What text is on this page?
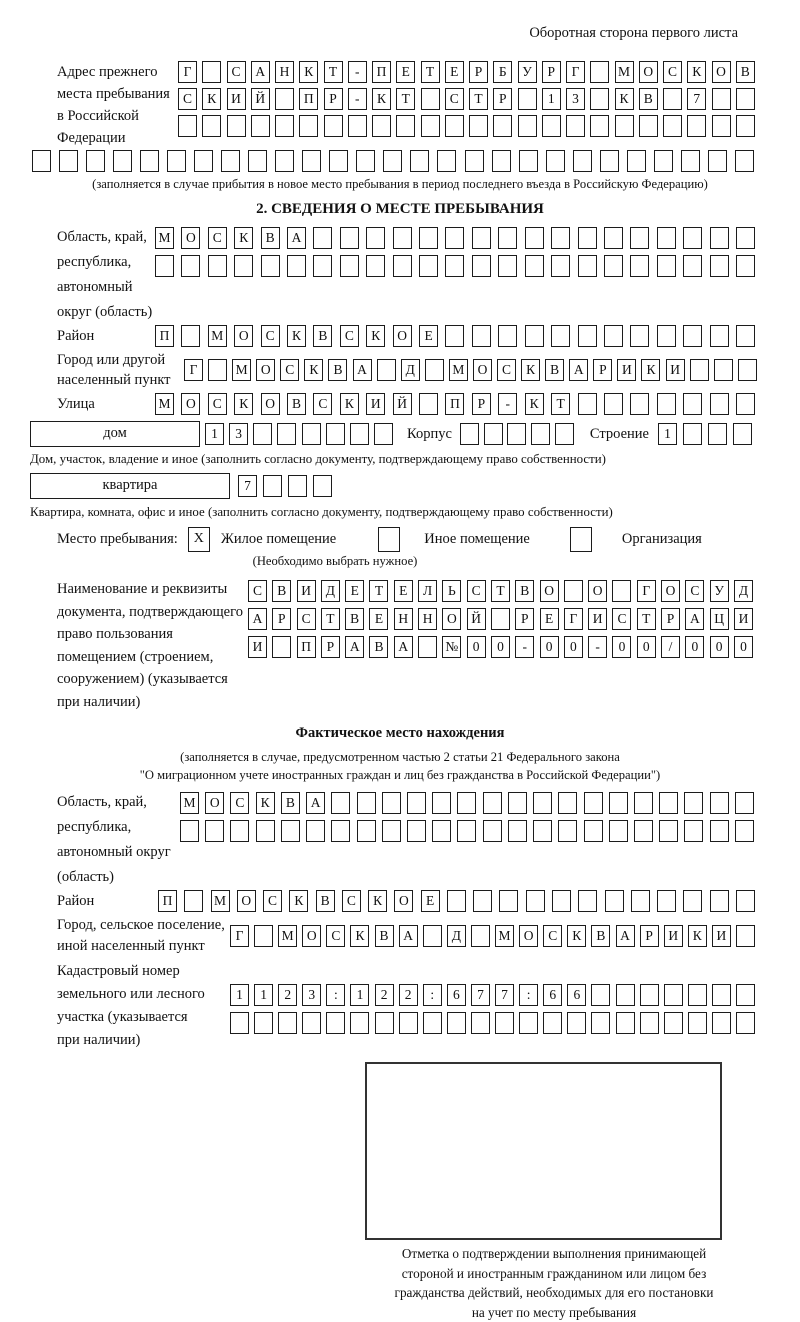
Оборотная сторона первого листа
Адрес прежнего
места пребывания
в Российской
Федерации
Г	С	А	Н	К	Т	-	П	Е	Т	Е	Р	Б	У	Р	Г	М О	С	К	О	В
С	К	И	Й	П	Р	-	К	Т	С	Т	Р	1	3	К	В	7
(заполняется в случае прибытия в новое место пребывания в период последнего въезда в Российскую Федерацию)
2. СВЕДЕНИЯ О МЕСТЕ ПРЕБЫВАНИЯ
Область, край,
республика,
автономный
округ (область)
М	О	С	К	В	А
Район	П	М	О	С	К	В	С	К	О	Е
Город или другой
населенный пункт
Г	М О	С	К	В	А	Д	М О	С	К	В	А	Р	И	К	И
Улица	М	О	С	К	О	В	С	К	И	Й	П	Р	-	К	Т
дом	1	3	Корпус	Строение	1
Дом, участок, владение и иное (заполнить согласно документу, подтверждающему право собственности)
квартира	7
Квартира, комната, офис и иное (заполнить согласно документу, подтверждающему право собственности)
Место пребывания:	X	Жилое помещение	Иное помещение	Организация
(Необходимо выбрать нужное)
Наименование и реквизиты
документа, подтверждающего
право пользования
помещением (строением,
сооружением) (указывается
при наличии)
С	В	И	Д	Е	Т	Е	Л	Ь	С	Т	В	О	О	Г	О	С	У	Д
А	Р	С	Т	В	Е	Н	Н	О	Й	Р	Е	Г	И	С	Т	Р	А	Ц	И
И	П	Р	А	В	А	№	0	0	-	0	0	-	0	0	/	0	0	0
Фактическое место нахождения
(заполняется в случае, предусмотренном частью 2 статьи 21 Федерального закона
"О миграционном учете иностранных граждан и лиц без гражданства в Российской Федерации")
Область, край,
республика,
автономный округ
(область)
М	О	С	К	В	А
Район	П	М	О	С	К	В	С	К	О	Е
Город, сельское поселение,
иной населенный пункт
Г	М О	С	К	В	А	Д	М О	С	К	В	А	Р	И	К	И
Кадастровый номер
земельного или лесного
участка (указывается
при наличии)
1	1	2	3	:	1	2	2	:	6	7	7	:	6	6
Отметка о подтверждении выполнения принимающей
стороной и иностранным гражданином или лицом без
гражданства действий, необходимых для его постановки
на учет по месту пребывания
